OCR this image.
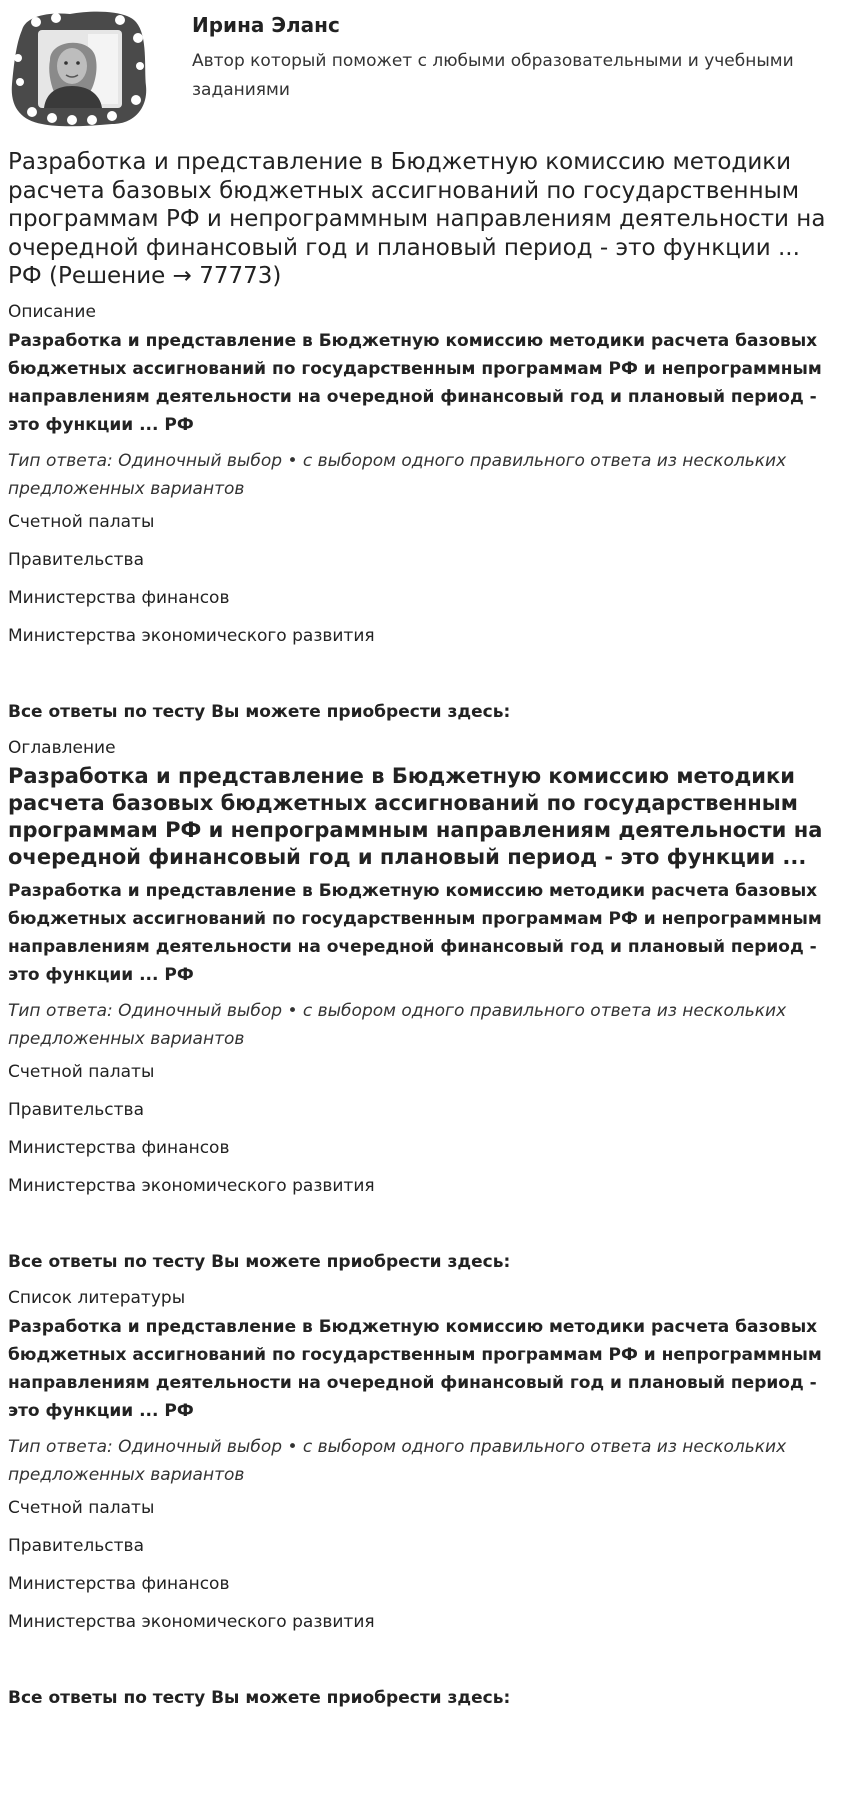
Ирина Эланс

Автор который поможет с любыми образовательными и учебными заданиями

Разработка и представление в Бюджетную комиссию методики расчета базовых бюджетных ассигнований по государственным программам РФ и непрограммным направлениям деятельности на очередной финансовый год и плановый период - это функции ... РФ (Решение → 77773)

Описание

Разработка и представление в Бюджетную комиссию методики расчета базовых бюджетных ассигнований по государственным программам РФ и непрограммным направлениям деятельности на очередной финансовый год и плановый период - это функции ... РФ

Тип ответа: Одиночный выбор • с выбором одного правильного ответа из нескольких предложенных вариантов

Счетной палаты

Правительства

Министерства финансов

Министерства экономического развития

Все ответы по тесту Вы можете приобрести здесь:

Оглавление

Разработка и представление в Бюджетную комиссию методики расчета базовых бюджетных ассигнований по государственным программам РФ и непрограммным направлениям деятельности на очередной финансовый год и плановый период - это функции ...

Разработка и представление в Бюджетную комиссию методики расчета базовых бюджетных ассигнований по государственным программам РФ и непрограммным направлениям деятельности на очередной финансовый год и плановый период - это функции ... РФ

Тип ответа: Одиночный выбор • с выбором одного правильного ответа из нескольких предложенных вариантов

Счетной палаты

Правительства

Министерства финансов

Министерства экономического развития

Все ответы по тесту Вы можете приобрести здесь:

Список литературы

Разработка и представление в Бюджетную комиссию методики расчета базовых бюджетных ассигнований по государственным программам РФ и непрограммным направлениям деятельности на очередной финансовый год и плановый период - это функции ... РФ

Тип ответа: Одиночный выбор • с выбором одного правильного ответа из нескольких предложенных вариантов

Счетной палаты

Правительства

Министерства финансов

Министерства экономического развития

Все ответы по тесту Вы можете приобрести здесь:
